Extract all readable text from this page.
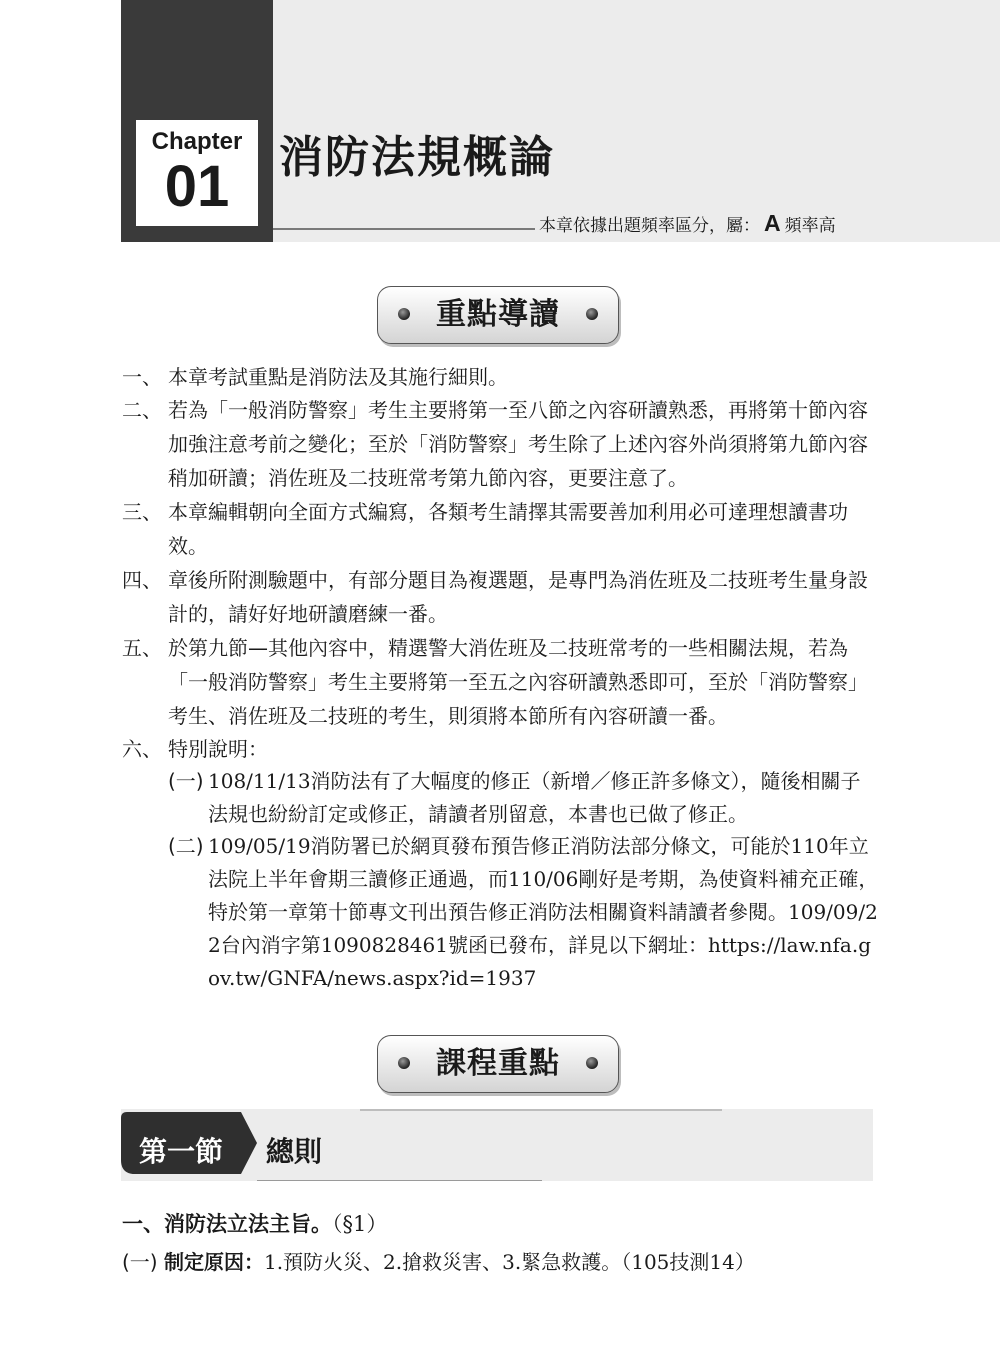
Chapter
01	消防法規概論
本章依據出題頻率區分，屬： A 頻率高
重點導讀
一、 本章考試重點是消防法及其施行細則。
二、 若為「一般消防警察」考生主要將第一至八節之內容研讀熟悉，再將第十節內容加強注意考前之變化；至於「消防警察」考生除了上述內容外尚須將第九節內容稍加研讀；消佐班及二技班常考第九節內容，更要注意了。
三、 本章編輯朝向全面方式編寫，各類考生請擇其需要善加利用必可達理想讀書功效。
四、 章後所附測驗題中，有部分題目為複選題，是專門為消佐班及二技班考生量身設計的，請好好地研讀磨練一番。
五、 於第九節—其他內容中，精選警大消佐班及二技班常考的一些相關法規，若為「一般消防警察」考生主要將第一至五之內容研讀熟悉即可，至於「消防警察」考生、消佐班及二技班的考生，則須將本節所有內容研讀一番。
六、 特別說明：
(一) 108/11/13消防法有了大幅度的修正（新增／修正許多條文），隨後相關子法規也紛紛訂定或修正，請讀者別留意，本書也已做了修正。
(二) 109/05/19消防署已於網頁發布預告修正消防法部分條文，可能於110年立法院上半年會期三讀修正通過，而110/06剛好是考期，為使資料補充正確，特於第一章第十節專文刊出預告修正消防法相關資料請讀者參閱。109/09/22台內消字第1090828461號函已發布，詳見以下網址：https://law.nfa.gov.tw/GNFA/news.aspx?id=1937
課程重點
第一節 總則
一、消防法立法主旨。（§1）
(一) 制定原因：1.預防火災、2.搶救災害、3.緊急救護。（105技測14）
